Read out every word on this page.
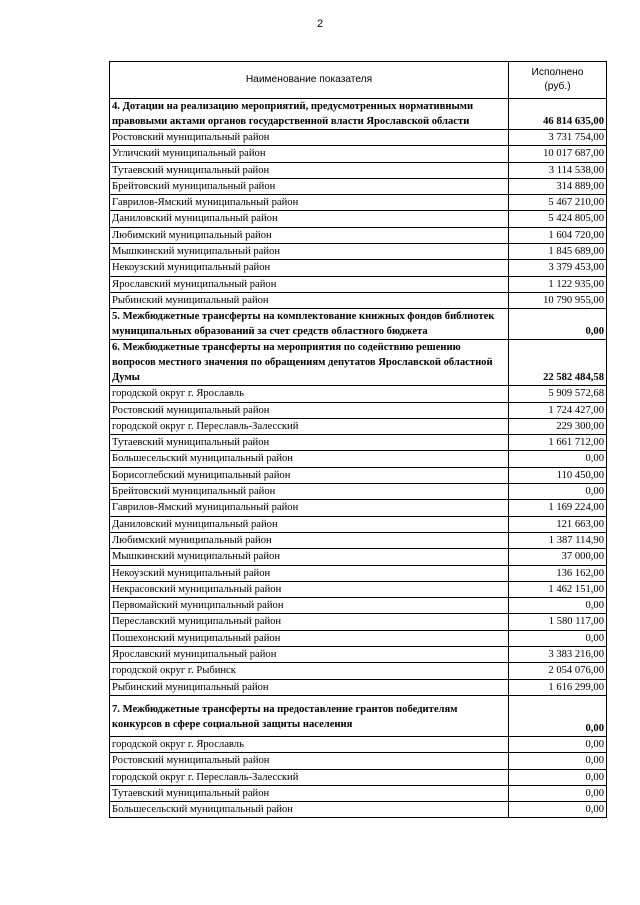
2
Наименование показателя	Исполнено
(руб.)
4. Дотации на реализацию мероприятий, предусмотренных нормативными правовыми актами органов государственной власти Ярославской области	46 814 635,00
Ростовский муниципальный район	3 731 754,00
Угличский муниципальный район	10 017 687,00
Тутаевский муниципальный район	3 114 538,00
Брейтовский муниципальный район	314 889,00
Гаврилов-Ямский муниципальный район	5 467 210,00
Даниловский муниципальный район	5 424 805,00
Любимский муниципальный район	1 604 720,00
Мышкинский муниципальный район	1 845 689,00
Некоузский муниципальный район	3 379 453,00
Ярославский муниципальный район	1 122 935,00
Рыбинский муниципальный район	10 790 955,00
5. Межбюджетные трансферты на комплектование книжных фондов библиотек муниципальных образований за счет средств областного бюджета	0,00
6. Межбюджетные трансферты на мероприятия по содействию решению вопросов местного значения по обращениям депутатов Ярославской областной Думы	22 582 484,58
городской округ г. Ярославль	5 909 572,68
Ростовский муниципальный район	1 724 427,00
городской округ г. Переславль-Залесский	229 300,00
Тутаевский муниципальный район	1 661 712,00
Большесельский муниципальный район	0,00
Борисоглебский муниципальный район	110 450,00
Брейтовский муниципальный район	0,00
Гаврилов-Ямский муниципальный район	1 169 224,00
Даниловский муниципальный район	121 663,00
Любимский муниципальный район	1 387 114,90
Мышкинский муниципальный район	37 000,00
Некоузский муниципальный район	136 162,00
Некрасовский муниципальный район	1 462 151,00
Первомайский муниципальный район	0,00
Переславский муниципальный район	1 580 117,00
Пошехонский муниципальный район	0,00
Ярославский муниципальный район	3 383 216,00
городской округ г. Рыбинск	2 054 076,00
Рыбинский муниципальный район	1 616 299,00
7. Межбюджетные трансферты на предоставление грантов победителям конкурсов в сфере социальной защиты населения	0,00
городской округ г. Ярославль	0,00
Ростовский муниципальный район	0,00
городской округ г. Переславль-Залесский	0,00
Тутаевский муниципальный район	0,00
Большесельский муниципальный район	0,00
